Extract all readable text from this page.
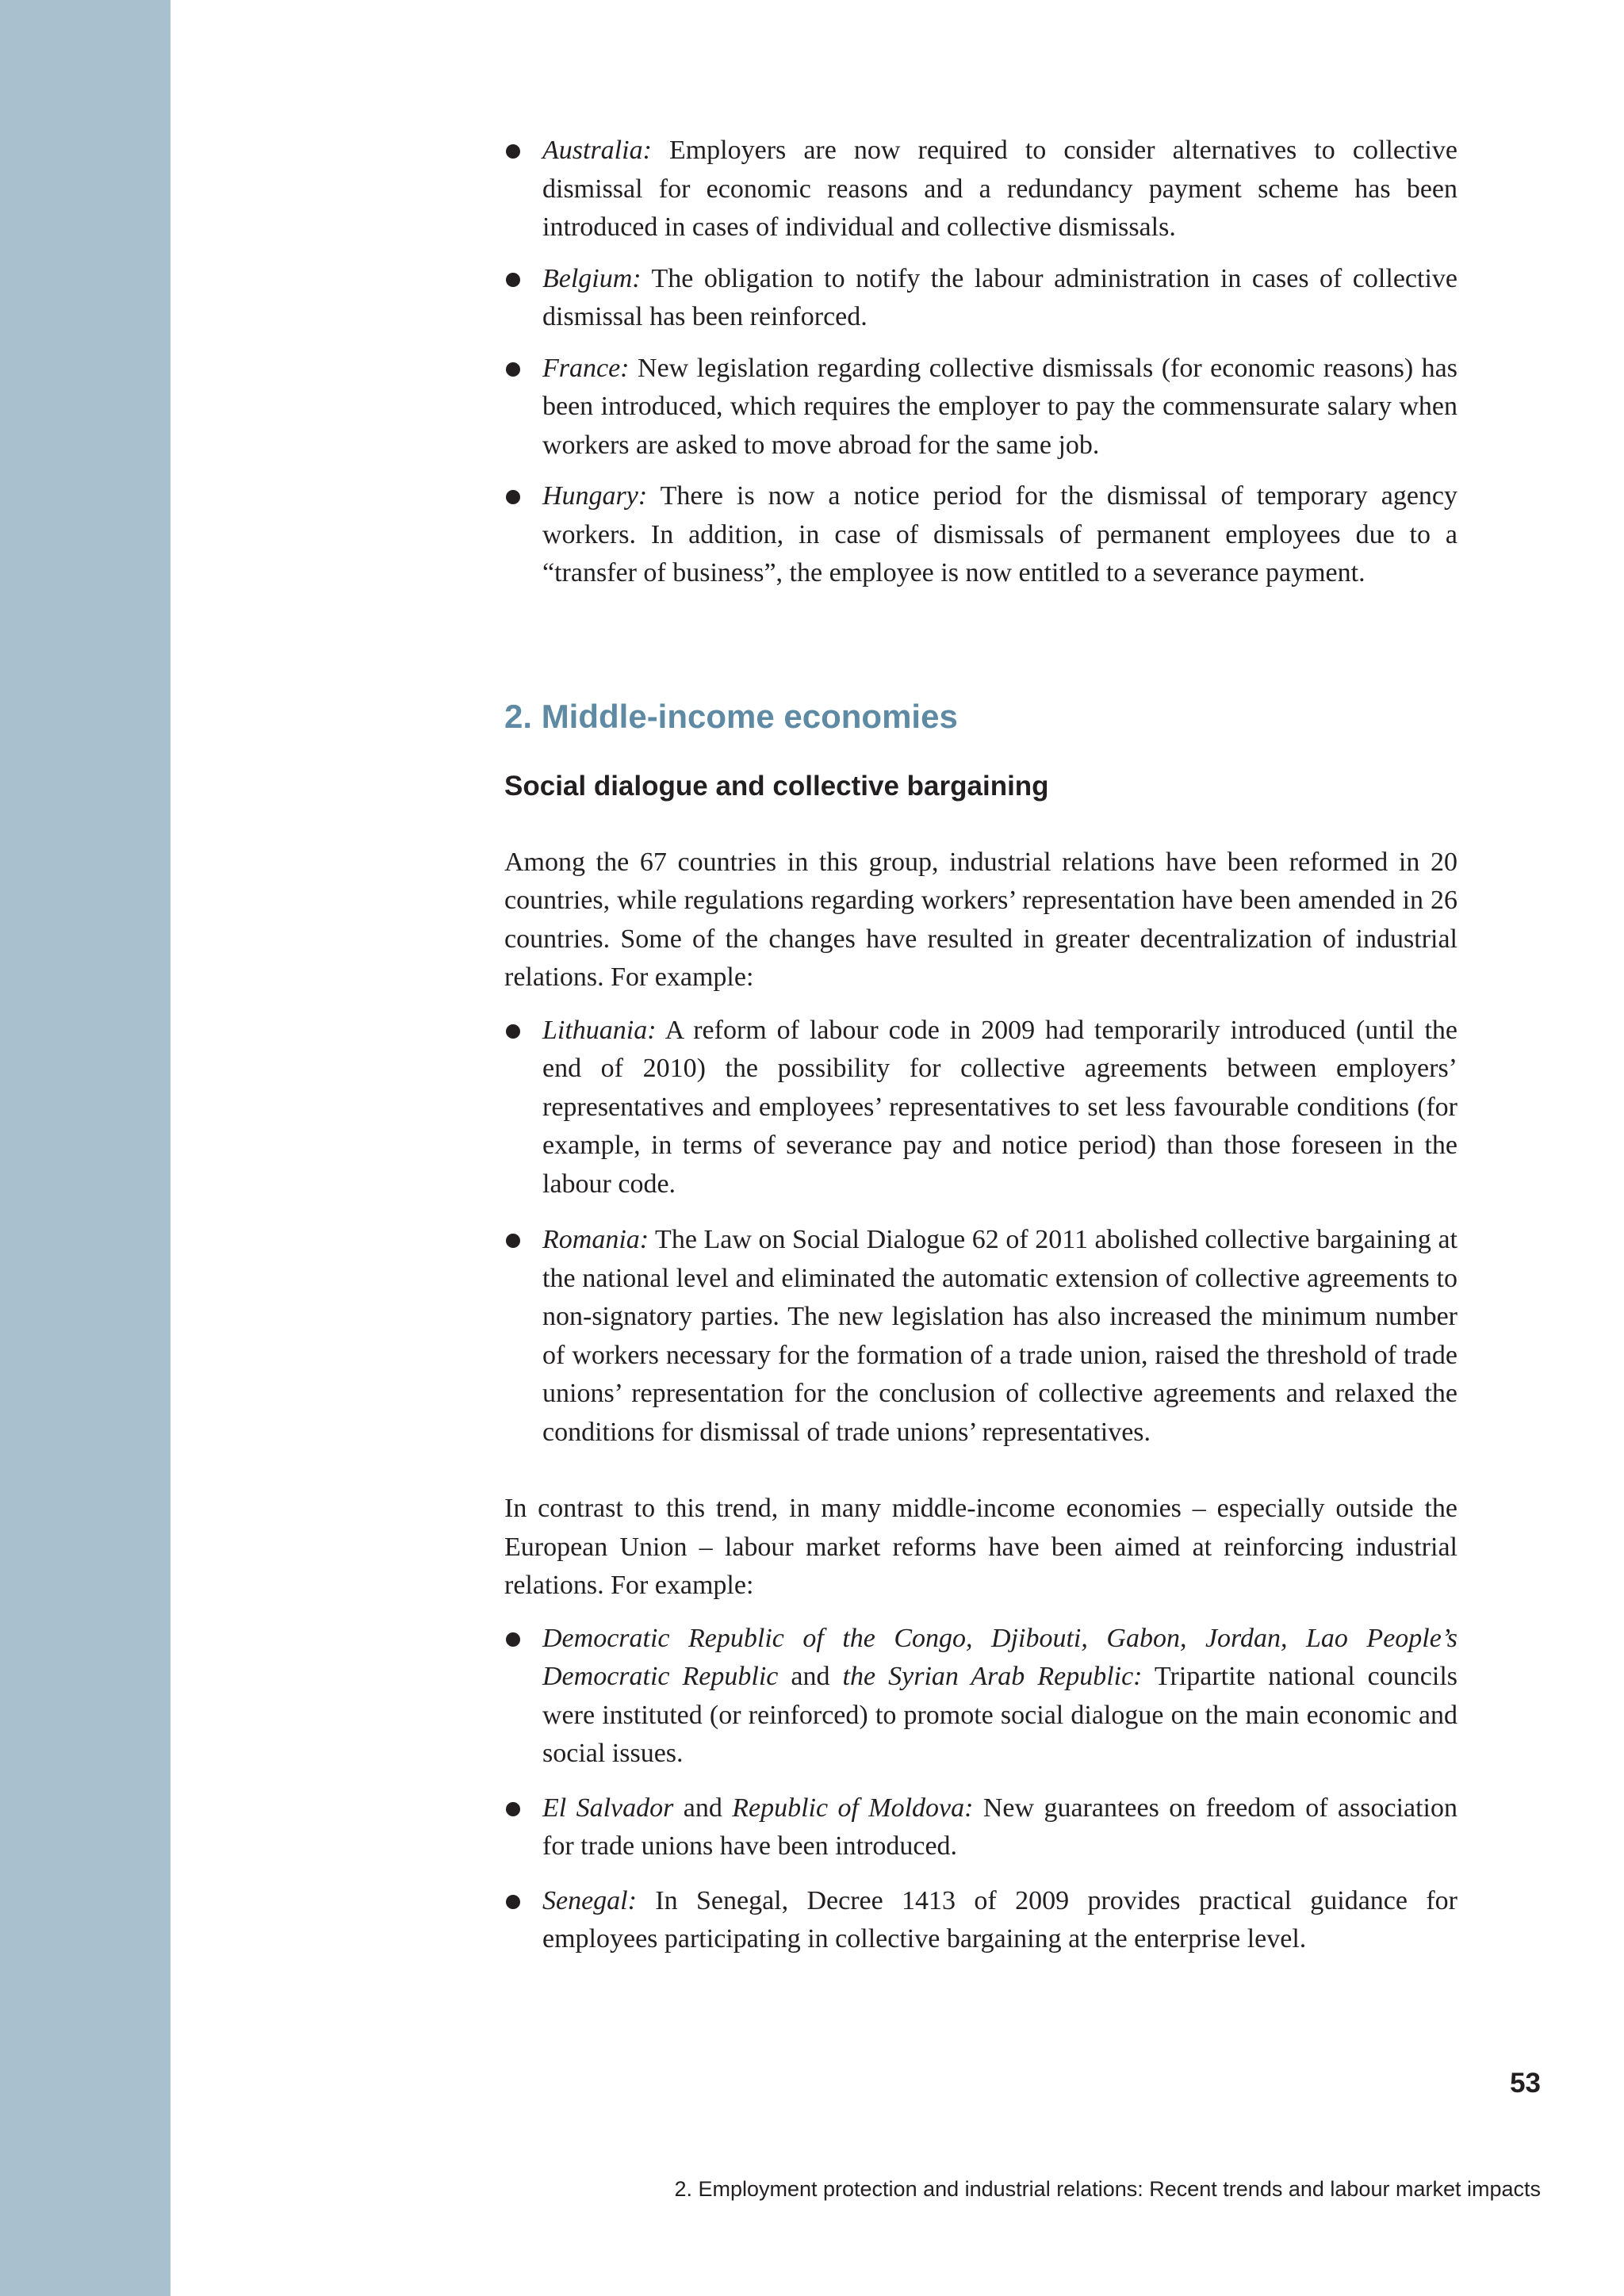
Australia: Employers are now required to consider alternatives to collective dismissal for economic reasons and a redundancy payment scheme has been introduced in cases of individual and collective dismissals.
Belgium: The obligation to notify the labour administration in cases of collective dismissal has been reinforced.
France: New legislation regarding collective dismissals (for economic reasons) has been introduced, which requires the employer to pay the commensurate salary when workers are asked to move abroad for the same job.
Hungary: There is now a notice period for the dismissal of temporary agency workers. In addition, in case of dismissals of permanent employees due to a “transfer of business”, the employee is now entitled to a severance payment.
2. Middle-income economies
Social dialogue and collective bargaining

Among the 67 countries in this group, industrial relations have been reformed in 20 countries, while regulations regarding workers’ representation have been amended in 26 countries. Some of the changes have resulted in greater decentralization of industrial relations. For example:

Lithuania: A reform of labour code in 2009 had temporarily introduced (until the end of 2010) the possibility for collective agreements between employers’ representatives and employees’ representatives to set less favourable conditions (for example, in terms of severance pay and notice period) than those foreseen in the labour code.
Romania: The Law on Social Dialogue 62 of 2011 abolished collective bargaining at the national level and eliminated the automatic extension of collective agreements to non-signatory parties. The new legislation has also increased the minimum number of workers necessary for the formation of a trade union, raised the threshold of trade unions’ representation for the conclusion of collective agreements and relaxed the conditions for dismissal of trade unions’ representatives.

In contrast to this trend, in many middle-income economies – especially outside the European Union – labour market reforms have been aimed at reinforcing industrial relations. For example:

Democratic Republic of the Congo, Djibouti, Gabon, Jordan, Lao People’s Democratic Republic and the Syrian Arab Republic: Tripartite national councils were instituted (or reinforced) to promote social dialogue on the main economic and social issues.
El Salvador and Republic of Moldova: New guarantees on freedom of association for trade unions have been introduced.
Senegal: In Senegal, Decree 1413 of 2009 provides practical guidance for employees participating in collective bargaining at the enterprise level.
53
2. Employment protection and industrial relations: Recent trends and labour market impacts
